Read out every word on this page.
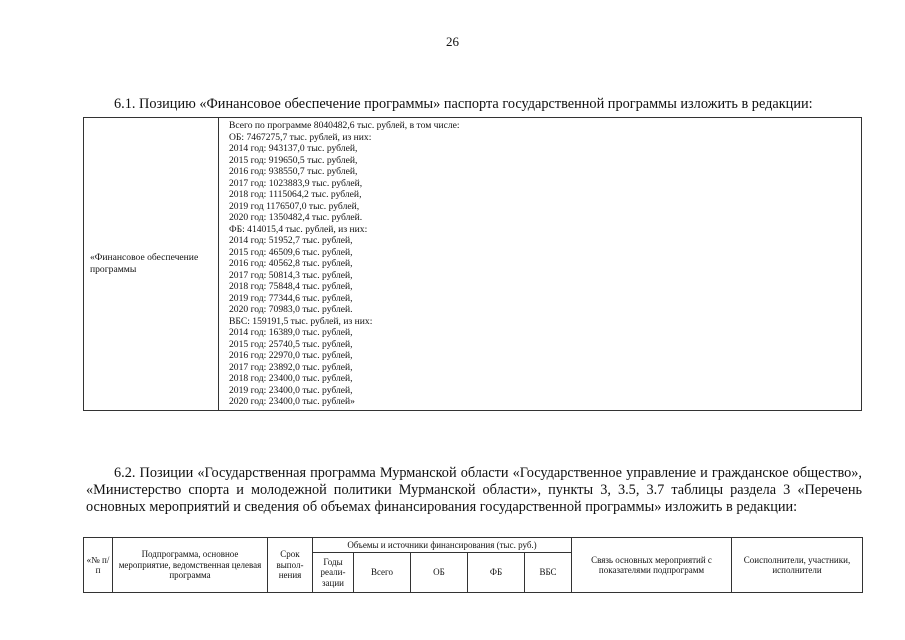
26

6.1. Позицию «Финансовое обеспечение программы» паспорта государственной программы изложить в редакции:

«Финансовое обеспечение программы	
Всего по программе 8040482,6 тыс. рублей, в том числе:
ОБ: 7467275,7 тыс. рублей, из них:
2014 год: 943137,0 тыс. рублей,
2015 год: 919650,5 тыс. рублей,
2016 год: 938550,7 тыс. рублей,
2017 год: 1023883,9 тыс. рублей,
2018 год: 1115064,2 тыс. рублей,
2019 год 1176507,0 тыс. рублей,
2020 год: 1350482,4 тыс. рублей.
ФБ: 414015,4 тыс. рублей, из них:
2014 год: 51952,7 тыс. рублей,
2015 год: 46509,6 тыс. рублей,
2016 год: 40562,8 тыс. рублей,
2017 год: 50814,3 тыс. рублей,
2018 год: 75848,4 тыс. рублей,
2019 год: 77344,6 тыс. рублей,
2020 год: 70983,0 тыс. рублей.
ВБС: 159191,5 тыс. рублей, из них:
2014 год: 16389,0 тыс. рублей,
2015 год: 25740,5 тыс. рублей,
2016 год: 22970,0 тыс. рублей,
2017 год: 23892,0 тыс. рублей,
2018 год: 23400,0 тыс. рублей,
2019 год: 23400,0 тыс. рублей,
2020 год: 23400,0 тыс. рублей»

6.2. Позиции «Государственная программа Мурманской области «Государственное управление и гражданское общество», «Министерство спорта и молодежной политики Мурманской области», пункты 3, 3.5, 3.7 таблицы раздела 3 «Перечень основных мероприятий и сведения об объемах финансирования государственной программы» изложить в редакции:

«№ п/п	Подпрограмма, основное мероприятие, ведомственная целевая программа	Срок выпол-нения	Объемы и источники финансирования (тыс. руб.)					Связь основных мероприятий с показателями подпрограмм	Соисполнители, участники, исполнители
			Годы реали-зации	Всего	ОБ	ФБ	ВБС		
